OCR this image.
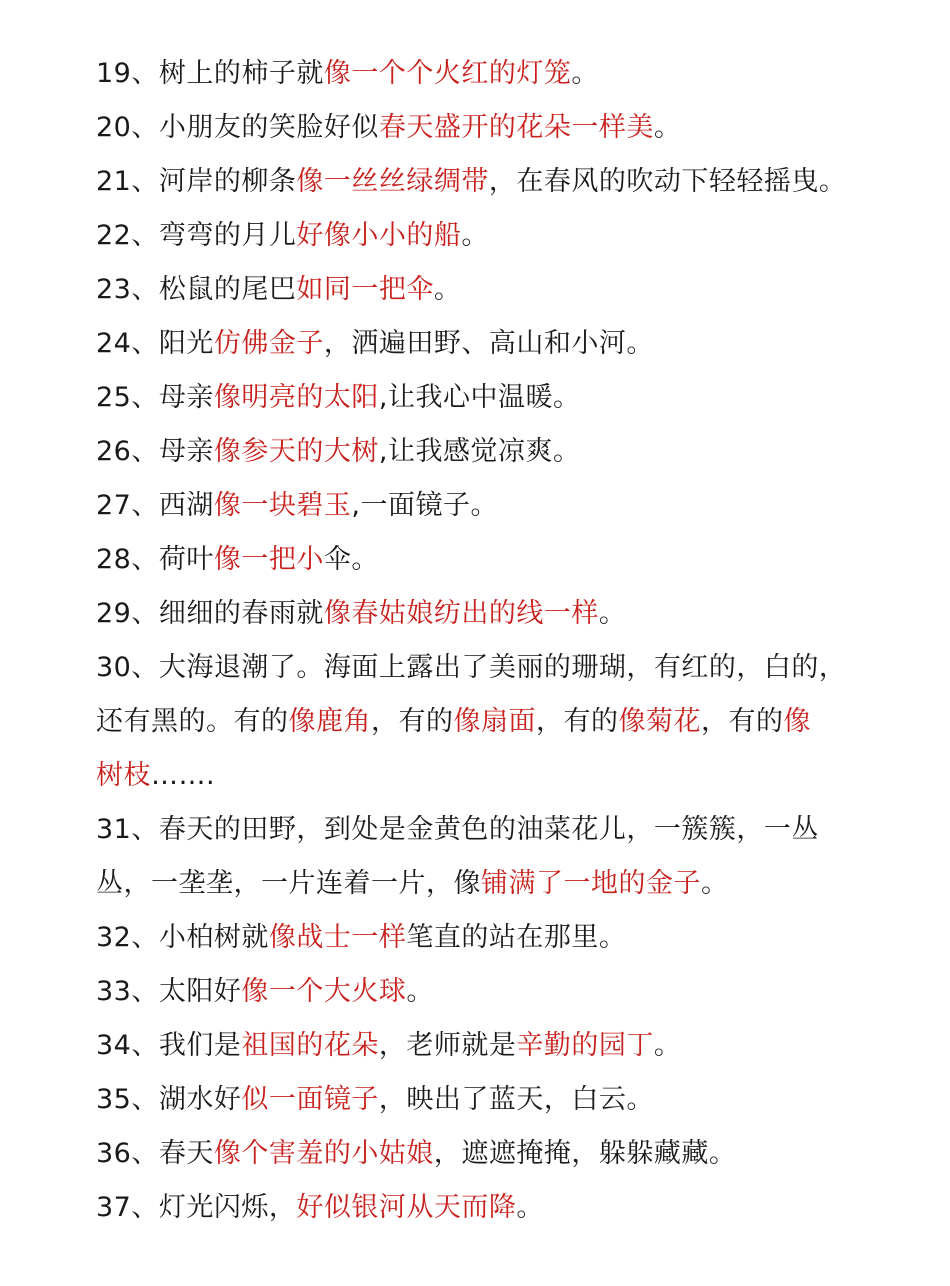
19、树上的柿子就像一个个火红的灯笼。
20、小朋友的笑脸好似春天盛开的花朵一样美。
21、河岸的柳条像一丝丝绿绸带，在春风的吹动下轻轻摇曳。
22、弯弯的月儿好像小小的船。
23、松鼠的尾巴如同一把伞。
24、阳光仿佛金子，洒遍田野、高山和小河。
25、母亲像明亮的太阳,让我心中温暖。
26、母亲像参天的大树,让我感觉凉爽。
27、西湖像一块碧玉,一面镜子。
28、荷叶像一把小伞。
29、细细的春雨就像春姑娘纺出的线一样。
30、大海退潮了。海面上露出了美丽的珊瑚，有红的，白的，
还有黑的。有的像鹿角，有的像扇面，有的像菊花，有的像
树枝…….
31、春天的田野，到处是金黄色的油菜花儿，一簇簇，一丛
丛，一垄垄，一片连着一片，像铺满了一地的金子。
32、小柏树就像战士一样笔直的站在那里。
33、太阳好像一个大火球。
34、我们是祖国的花朵，老师就是辛勤的园丁。
35、湖水好似一面镜子，映出了蓝天，白云。
36、春天像个害羞的小姑娘，遮遮掩掩，躲躲藏藏。
37、灯光闪烁，好似银河从天而降。
